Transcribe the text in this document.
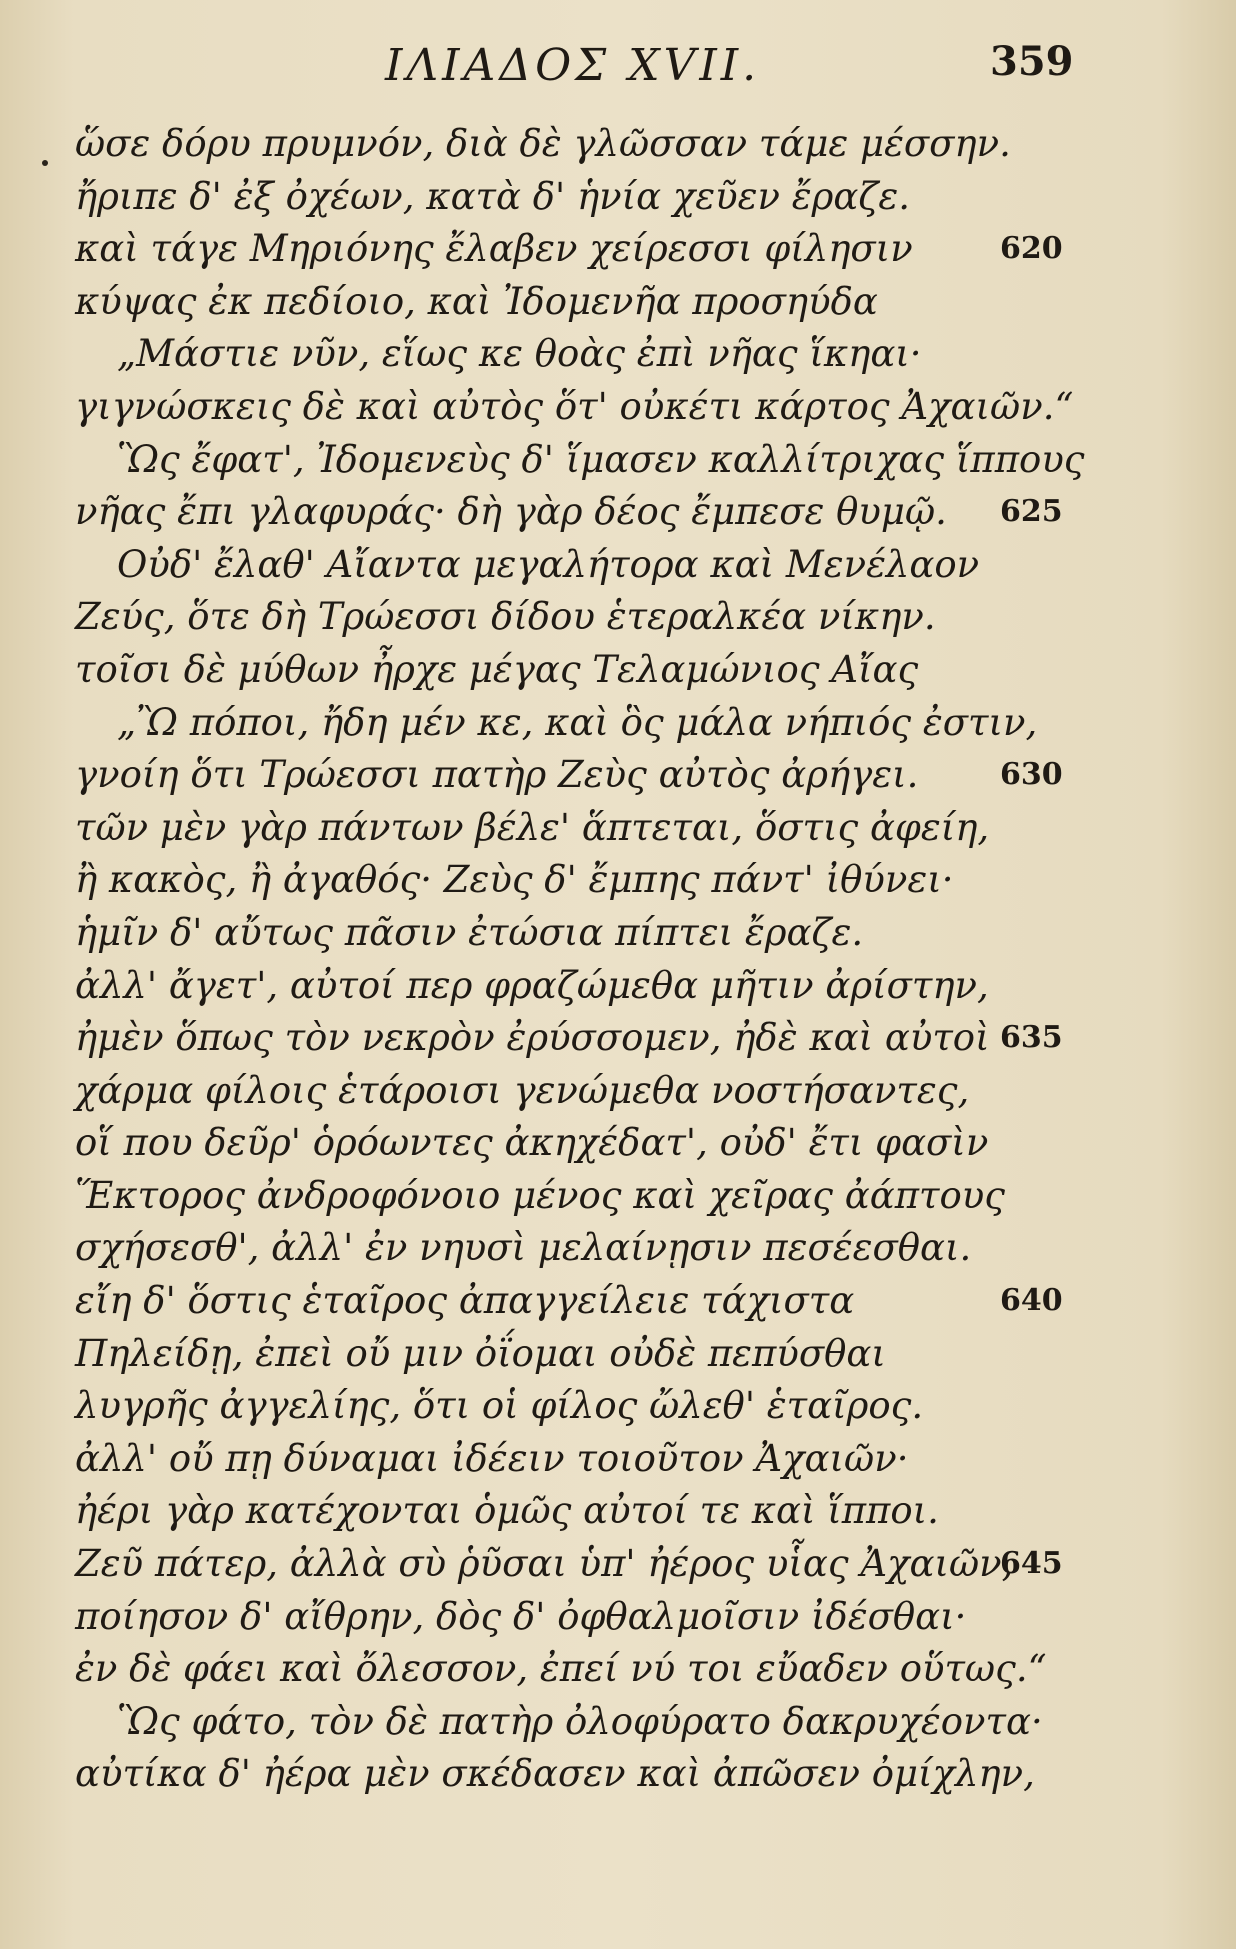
ΙΛΙΑΔΟΣ XVII.	359
ὥσε δόρυ πρυμνόν, διὰ δὲ γλῶσσαν τάμε μέσσην.
ἤριπε δ' ἐξ ὀχέων, κατὰ δ' ἡνία χεῦεν ἔραζε.
καὶ τάγε Μηριόνης ἔλαβεν χείρεσσι φίλησιν	620
κύψας ἐκ πεδίοιο, καὶ Ἰδομενῆα προσηύδα
„Μάστιε νῦν, εἵως κε θοὰς ἐπὶ νῆας ἵκηαι·
γιγνώσκεις δὲ καὶ αὐτὸς ὅτ' οὐκέτι κάρτος Ἀχαιῶν.“
Ὣς ἔφατ', Ἰδομενεὺς δ' ἵμασεν καλλίτριχας ἵππους
νῆας ἔπι γλαφυράς· δὴ γὰρ δέος ἔμπεσε θυμῷ. 625
Οὐδ' ἔλαθ' Αἴαντα μεγαλήτορα καὶ Μενέλαον
Ζεύς, ὅτε δὴ Τρώεσσι δίδου ἑτεραλκέα νίκην.
τοῖσι δὲ μύθων ἦρχε μέγας Τελαμώνιος Αἴας
„Ὢ πόποι, ἤδη μέν κε, καὶ ὃς μάλα νήπιός ἐστιν,
γνοίη ὅτι Τρώεσσι πατὴρ Ζεὺς αὐτὸς ἀρήγει.	630
τῶν μὲν γὰρ πάντων βέλε' ἅπτεται, ὅστις ἀφείη,
ἢ κακὸς, ἢ ἀγαθός· Ζεὺς δ' ἔμπης πάντ' ἰθύνει·
ἡμῖν δ' αὔτως πᾶσιν ἐτώσια πίπτει ἔραζε.
ἀλλ' ἄγετ', αὐτοί περ φραζώμεθα μῆτιν ἀρίστην,
ἠμὲν ὅπως τὸν νεκρὸν ἐρύσσομεν, ἠδὲ καὶ αὐτοὶ 635
χάρμα φίλοις ἑτάροισι γενώμεθα νοστήσαντες,
οἵ που δεῦρ' ὁρόωντες ἀκηχέδατ', οὐδ' ἔτι φασὶν
Ἕκτορος ἀνδροφόνοιο μένος καὶ χεῖρας ἀάπτους
σχήσεσθ', ἀλλ' ἐν νηυσὶ μελαίνῃσιν πεσέεσθαι.
εἴη δ' ὅστις ἑταῖρος ἀπαγγείλειε τάχιστα	640
Πηλείδῃ, ἐπεὶ οὔ μιν ὀΐομαι οὐδὲ πεπύσθαι
λυγρῆς ἀγγελίης, ὅτι οἱ φίλος ὤλεθ' ἑταῖρος.
ἀλλ' οὔ πῃ δύναμαι ἰδέειν τοιοῦτον Ἀχαιῶν·
ἠέρι γὰρ κατέχονται ὁμῶς αὐτοί τε καὶ ἵπποι.
Ζεῦ πάτερ, ἀλλὰ σὺ ῥῦσαι ὑπ' ἠέρος υἷας Ἀχαιῶν,
645
ποίησον δ' αἴθρην, δὸς δ' ὀφθαλμοῖσιν ἰδέσθαι·
ἐν δὲ φάει καὶ ὄλεσσον, ἐπεί νύ τοι εὔαδεν οὕτως.“
Ὣς φάτο, τὸν δὲ πατὴρ ὀλοφύρατο δακρυχέοντα·
αὐτίκα δ' ἠέρα μὲν σκέδασεν καὶ ἀπῶσεν ὀμίχλην,
